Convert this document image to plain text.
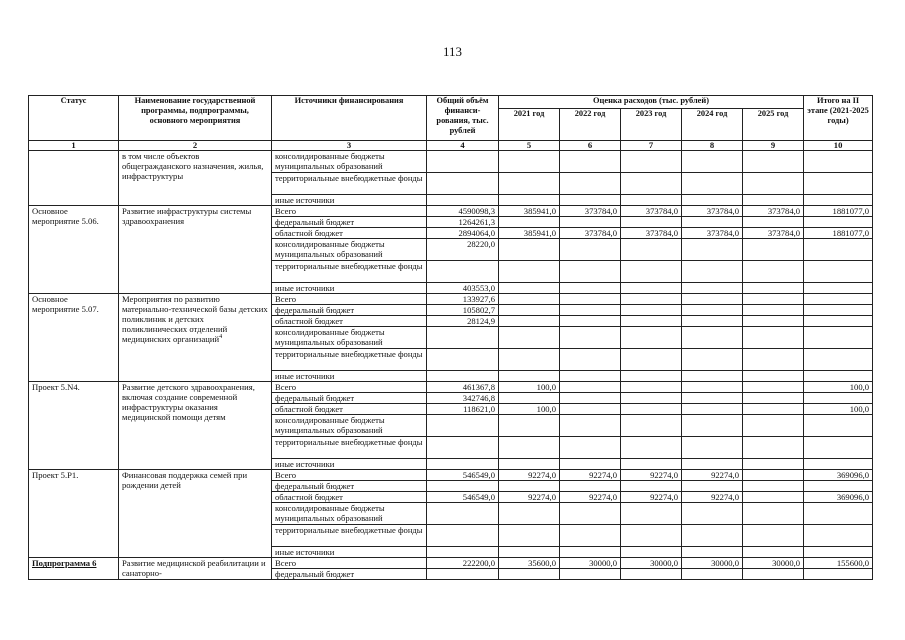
113
Статус	Наименование государственной программы, подпрограммы, основного мероприятия	Источники финансирования	Общий объём финанси-рования, тыс. рублей	Оценка расходов (тыс. рублей)					Итого на II этапе (2021-2025 годы)
				2021 год	2022 год	2023 год	2024 год	2025 год	
1	2	3	4	5	6	7	8	9	10
	в том числе объектов общегражданского назначения, жилья, инфраструктуры	консолидированные бюджеты муниципальных образований							
		территориальные внебюджетные фонды							
		иные источники							
Основное мероприятие 5.06.	Развитие инфраструктуры системы здравоохранения	Всего	4590098,3	385941,0	373784,0	373784,0	373784,0	373784,0	1881077,0
		федеральный бюджет	1264261,3						
		областной бюджет	2894064,0	385941,0	373784,0	373784,0	373784,0	373784,0	1881077,0
		консолидированные бюджеты муниципальных образований	28220,0						
		территориальные внебюджетные фонды							
		иные источники	403553,0						
Основное мероприятие 5.07.	Мероприятия по развитию материально-технической базы детских поликлиник и детских поликлинических отделений медицинских организаций$^4$	Всего	133927,6						
		федеральный бюджет	105802,7						
		областной бюджет	28124,9						
		консолидированные бюджеты муниципальных образований							
		территориальные внебюджетные фонды							
		иные источники							
Проект 5.N4.	Развитие детского здравоохранения, включая создание современной инфраструктуры оказания медицинской помощи детям	Всего	461367,8	100,0					100,0
		федеральный бюджет	342746,8						
		областной бюджет	118621,0	100,0					100,0
		консолидированные бюджеты муниципальных образований							
		территориальные внебюджетные фонды							
		иные источники							
Проект 5.P1.	Финансовая поддержка семей при рождении детей	Всего	546549,0	92274,0	92274,0	92274,0	92274,0		369096,0
		федеральный бюджет							
		областной бюджет	546549,0	92274,0	92274,0	92274,0	92274,0		369096,0
		консолидированные бюджеты муниципальных образований							
		территориальные внебюджетные фонды							
		иные источники							
Подпрограмма 6	Развитие медицинской реабилитации и санаторно-	Всего	222200,0	35600,0	30000,0	30000,0	30000,0	30000,0	155600,0
		федеральный бюджет							
